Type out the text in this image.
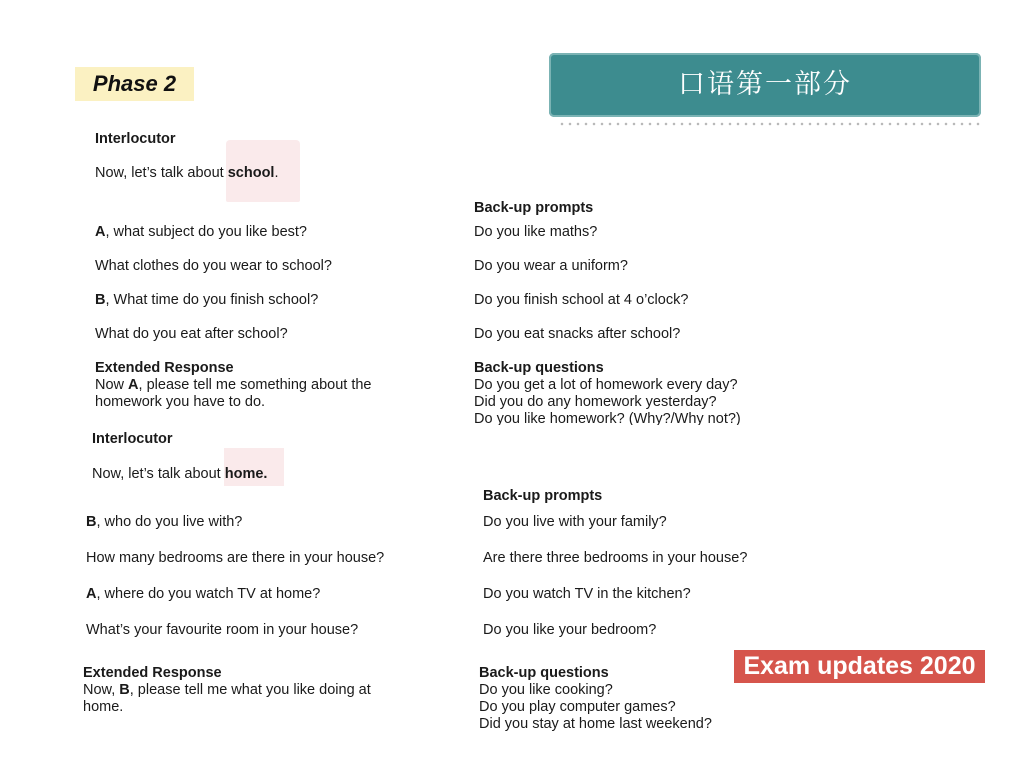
Phase 2	口语第一部分
Interlocutor
Now, let’s talk about school.
Back-up prompts
A, what subject do you like best?	Do you like maths?
What clothes do you wear to school?	Do you wear a uniform?
B, What time do you finish school?	Do you finish school at 4 o’clock?
What do you eat after school?	Do you eat snacks after school?
Extended Response
Now A, please tell me something about the
homework you have to do.
Back-up questions
Do you get a lot of homework every day?
Did you do any homework yesterday?
Do you like homework? (Why?/Why not?)
Interlocutor
Now, let’s talk about home.
Back-up prompts
B, who do you live with?	Do you live with your family?
How many bedrooms are there in your house?	Are there three bedrooms in your house?
A, where do you watch TV at home?	Do you watch TV in the kitchen?
What’s your favourite room in your house?	Do you like your bedroom?
Extended Response
Now, B, please tell me what you like doing at
home.
Back-up questions
Do you like cooking?
Do you play computer games?
Did you stay at home last weekend?
Exam updates 2020
